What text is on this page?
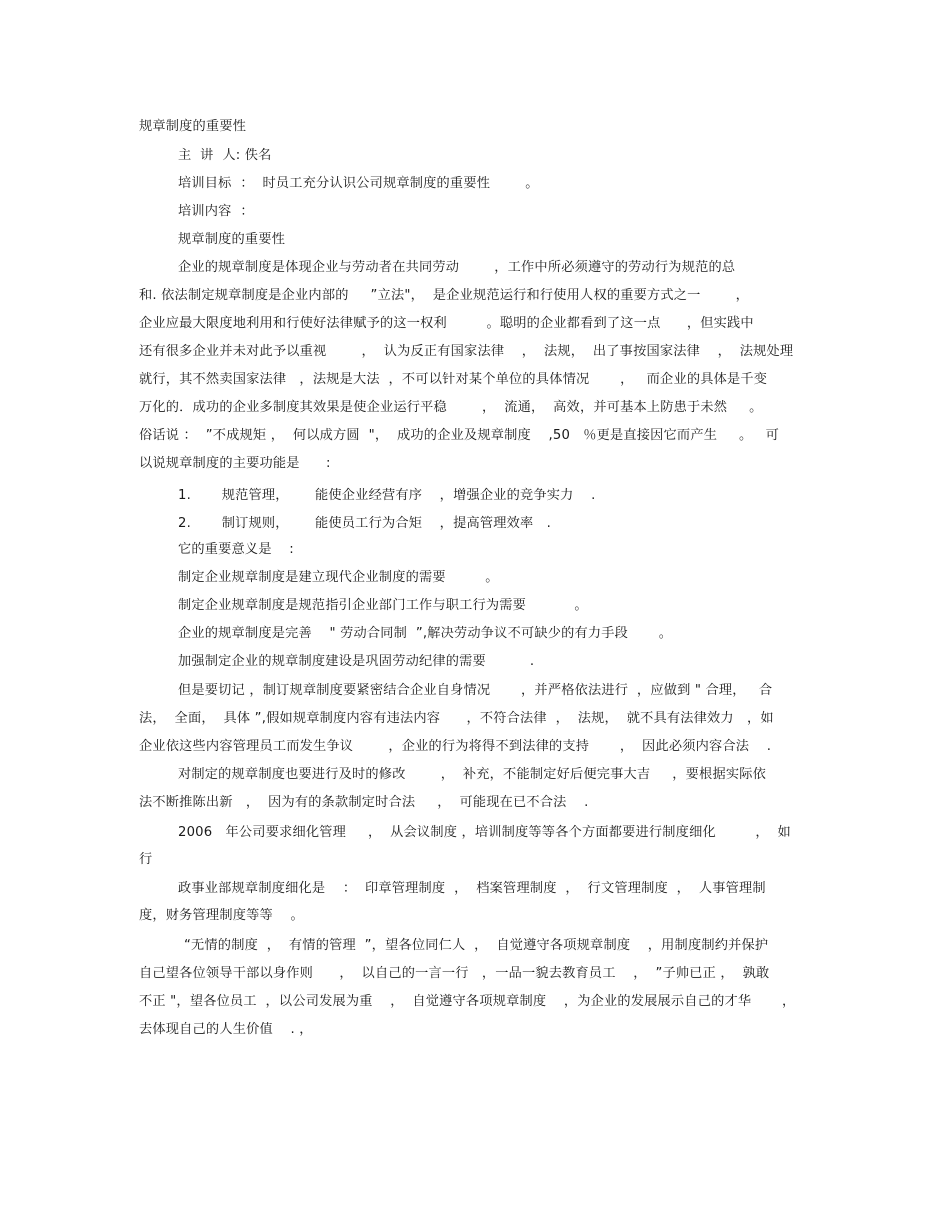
规章制度的重要性
主  讲  人: 佚名
培训目标  ：  时员工充分认识公司规章制度的重要性        。
培训内容  ：
规章制度的重要性
企业的规章制度是体现企业与劳动者在共同劳动        ，工作中所必须遵守的劳动行为规范的总
和. 依法制定规章制度是企业内部的     ”立法"，  是企业规范运行和行使用人权的重要方式之一        ，
企业应最大限度地利用和行使好法律赋予的这一权利         。聪明的企业都看到了这一点      ，但实践中
还有很多企业并未对此予以重视        ，  认为反正有国家法律    ，  法规，  出了事按国家法律    ，  法规处理
就行，其不然卖国家法律   ，法规是大法  ，不可以针对某个单位的具体情况       ，   而企业的具体是千变
万化的．成功的企业多制度其效果是使企业运行平稳        ，  流通，  高效，并可基本上防患于未然     。
俗话说 ：  ”不成规矩 ，  何以成方圆  "，  成功的企业及规章制度    ,50   ％更是直接因它而产生     。   可
以说规章制度的主要功能是      :
1.       规范管理，      能使企业经营有序    ，增强企业的竞争实力    .
2.       制订规则，      能使员工行为合矩    ，提高管理效率   .
它的重要意义是    :
制定企业规章制度是建立现代企业制度的需要         。
制定企业规章制度是规范指引企业部门工作与职工行为需要           。
企业的规章制度是完善    " 劳动合同制  ”,解决劳动争议不可缺少的有力手段       。
加强制定企业的规章制度建设是巩固劳动纪律的需要          .
但是要切记 ，制订规章制度要紧密结合企业自身情况       ，并严格依法进行  ，应做到 " 合理，   合
法，  全面，  具体 ”,假如规章制度内容有违法内容      ，不符合法律  ，  法规，  就不具有法律效力   ，如
企业依这些内容管理员工而发生争议        ，企业的行为将得不到法律的支持       ，  因此必须内容合法    .
对制定的规章制度也要进行及时的修改        ，  补充，不能制定好后便完事大吉     ，要根据实际依
法不断推陈出新   ，  因为有的条款制定时合法     ，  可能现在已不合法    .
2006   年公司要求细化管理     ，  从会议制度 ，培训制度等等各个方面都要进行制度细化         ，  如
行
政事业部规章制度细化是    ：  印章管理制度  ，  档案管理制度  ，  行文管理制度  ，  人事管理制
度，财务管理制度等等    。
“无情的制度  ，  有情的管理  ”，望各位同仁人  ，  自觉遵守各项规章制度    ，用制度制约并保护
自己望各位领导干部以身作则      ，  以自己的一言一行   ，一品一貌去教育员工    ，  ”子帅已正 ，  孰敢
不正 "，望各位员工  ，以公司发展为重    ，  自觉遵守各项规章制度    ，为企业的发展展示自己的才华       ，
去体现自己的人生价值    . ，
